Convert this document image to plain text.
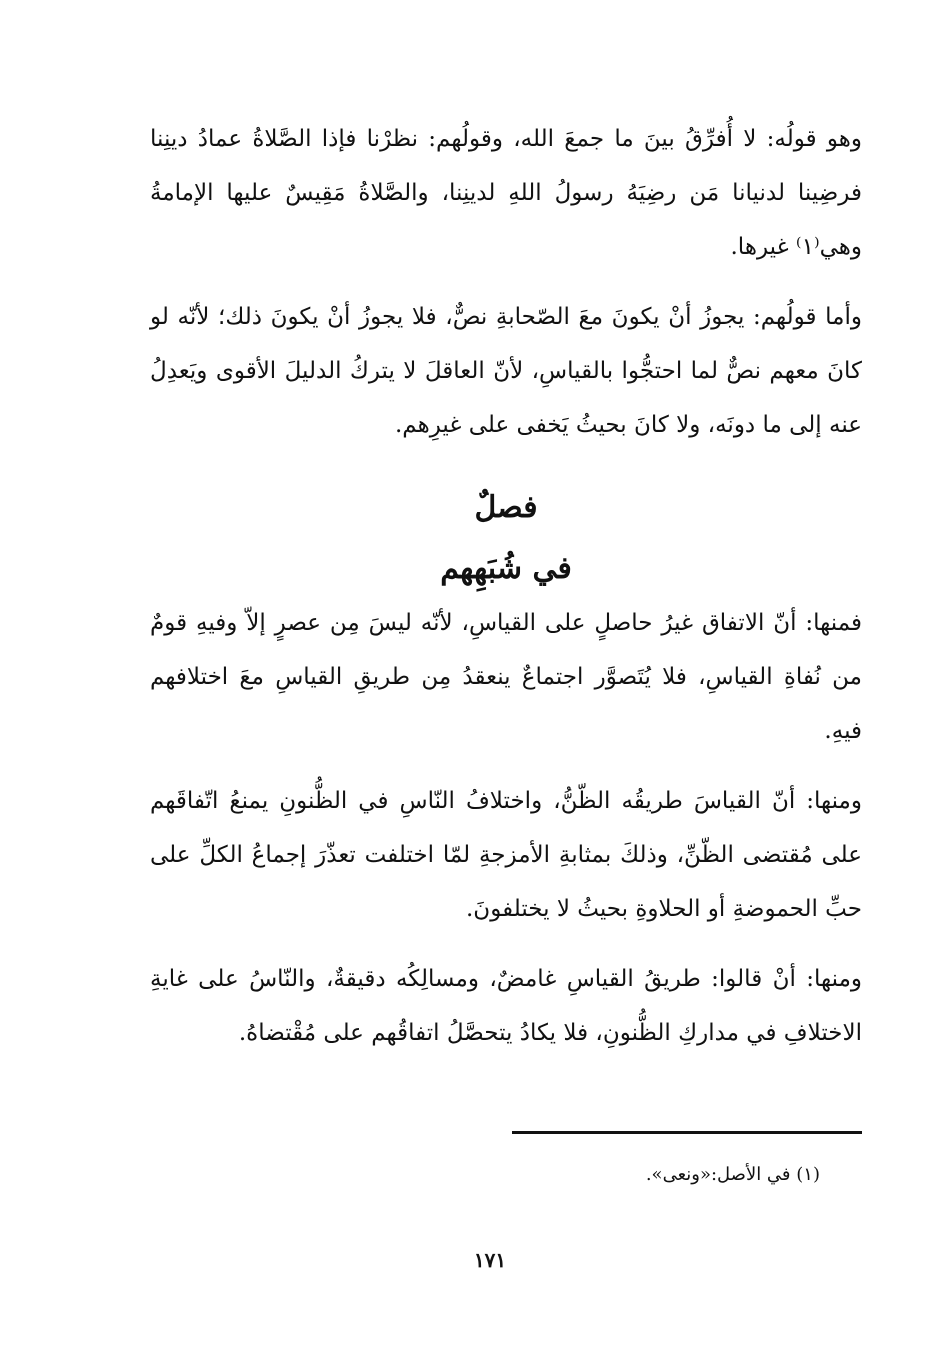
وهو قولُه: لا أُفرِّقُ بينَ ما جمعَ الله، وقولُهم: نظرْنا فإذا الصَّلاةُ عمادُ دينِنا فرضِينا لدنيانا مَن رضِيَهُ رسولُ اللهِ لدينِنا، والصَّلاةُ مَقِيسٌ عليها الإمامةُ وهي⁽١⁾ غيرها.

وأما قولُهم: يجوزُ أنْ يكونَ معَ الصّحابةِ نصٌّ، فلا يجوزُ أنْ يكونَ ذلك؛ لأنّه لو كانَ معهم نصٌّ لما احتجُّوا بالقياسِ، لأنّ العاقلَ لا يتركُ الدليلَ الأقوى ويَعدِلُ عنه إلى ما دونَه، ولا كانَ بحيثُ يَخفى على غيرِهم.

فصلٌ
في شُبَهِهم

فمنها: أنّ الاتفاق غيرُ حاصلٍ على القياسِ، لأنّه ليسَ مِن عصرٍ إلاّ وفيهِ قومٌ من نُفاةِ القياسِ، فلا يُتَصوَّر اجتماعٌ ينعقدُ مِن طريقِ القياسِ معَ اختلافهم فيهِ.

ومنها: أنّ القياسَ طريقُه الظّنُّ، واختلافُ النّاسِ في الظُّنونِ يمنعُ اتّفاقَهم على مُقتضى الظّنِّ، وذلكَ بمثابةِ الأمزجةِ لمّا اختلفت تعذّرَ إجماعُ الكلِّ على حبِّ الحموضةِ أو الحلاوةِ بحيثُ لا يختلفونَ.

ومنها: أنْ قالوا: طريقُ القياسِ غامضٌ، ومسالِكُه دقيقةٌ، والنّاسُ على غايةِ الاختلافِ في مداركِ الظُّنونِ، فلا يكادُ يتحصَّلُ اتفاقُهم على مُقْتضاهُ.

(١) في الأصل:«ونعى».
١٧١
